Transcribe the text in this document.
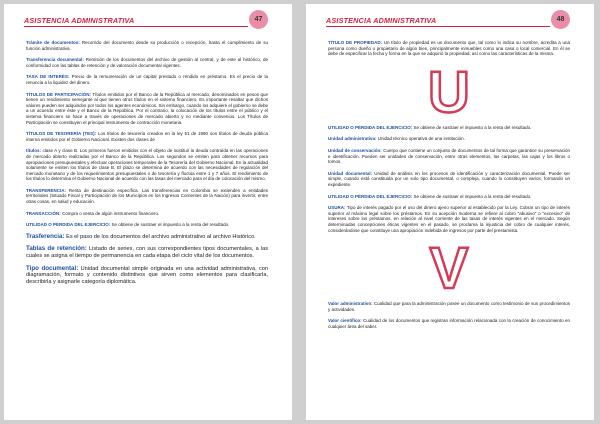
ASISTENCIA ADMINISTRATIVA	47

Trámite de documentos: Recorrido del documento desde su producción o recepción, hasta el cumplimiento de su función administrativa.

Transferencia documental: Remisión de los documentos del archivo de gestión al central, y de este al histórico, de conformidad con las tablas de retención y de valoración documental vigentes.

TASA DE INTERÉS: Precio de la remuneración de un capital prestado o rendido en préstamo. Es el precio de la renuncia a la liquidez del dinero.

TÍTULOS DE PARTICIPACIÓN: Títulos emitidos por el Banco de la República al mercado, denominados en pesos que tienen un rendimiento semejante al que tienen otros títulos en el sistema financiero. Es importante resaltar que dichos valores pueden ser adquiridos por todos los agentes económicos. Sin embargo, cuando los adquiere el gobierno se debe a un acuerdo entre éste y el Banco de la República. Por el contrario, la colocación de los títulos entre el público y el sistema financiero se hace a través de operaciones de mercado abierto y no mediante convenios. Los Títulos de Participación se constituyen el principal instrumento de contracción monetaria.

TÍTULOS DE TESORERÍA (TES): Los títulos de tesorería creados en la ley 51 de 1990 son títulos de deuda pública interna emitidos por el Gobierno Nacional. Existen dos clases de

títulos: clase A y clase B. Los primeros fueron emitidos con el objeto de sustituir la deuda contraída en las operaciones de mercado abierto realizadas por el Banco de la República. Los segundos se emiten para obtener recursos para apropiaciones presupuestales y efectuar operaciones temporales de la Tesorería del Gobierno Nacional. En la actualidad solamente se emiten los títulos de clase B. El plazo se determina de acuerdo con las necesidades de regulación del mercado monetario y de los requerimientos presupuestales o de tesorería y fluctúa entre 1 y 7 años. El rendimiento de los títulos lo determina el Gobierno Nacional de acuerdo con las tasas del mercado para el día de colocación del mismo.

TRANSFERENCIA: Renta de destinación específica. Las transferencias en Colombia se extienden a entidades territoriales (Situado Fiscal y Participación de los Municipios en los Ingresos Corrientes de la Nación) para invertir, entre otras cosas, en salud y educación.

TRANSACCIÓN: Compra o venta de algún instrumento financiero.

UTILIDAD O PÉRDIDA DEL EJERCICIO: Se obtiene de sustraer el impuesto a la renta del resultado.

Trasferencia: Es el paso de los documentos del archivo administrativo al archivo Histórico.

Tablas de retención: Listado de series, con sus correspondientes tipos documentales, a las cuales se asigna el tiempo de permanencia en cada etapa del ciclo vital de los documentos.

Tipo documental: Unidad documental simple originada en una actividad administrativa, con diagramación, formato y contenido distintivos que sirven como elementos para clasificarla, describirla y asignarle categoría diplomática.

ASISTENCIA ADMINISTRATIVA	48

TÍTULO DE PROPIEDAD: Un título de propiedad es un documento que, tal como lo indica su nombre, acredita a una persona como dueño o propietario de algún bien, principalmente inmuebles como una casa o local comercial. En él se debe de especificar la fecha y forma en la que se adquirió la propiedad, así como las características de la misma.

U

UTILIDAD O PÉRDIDA DEL EJERCICIO: Se obtiene de sustraer el impuesto a la renta del resultado.

Unidad administrativa: Unidad técnico operativa de una institución.

Unidad de conservación: Cuerpo que contiene un conjunto de documentos de tal forma que garantice su preservación e identificación. Pueden ser unidades de conservación, entre otras elementos, las carpetas, las cajas y los libros o tomos.

Unidad documental: Unidad de análisis en los procesos de identificación y caracterización documental. Puede ser simple, cuando está constituida por un solo tipo documental, o compleja, cuando lo constituyen varios, formando un expediente.

UTILIDAD O PÉRDIDA DEL EJERCICIO: Se obtiene de sustraer el impuesto a la renta del resultado.

USURA: Tipo de interés pagado por el uso del dinero ajeno superior al establecido por la Ley. Cobrar un tipo de interés superior al máximo legal sobre los préstamos. En su acepción moderna se refiere al cobro "abusivo" o "excesivo" de intereses sobre los préstamos, en relación al nivel corriente de las tasas de interés vigentes en el mercado. Según determinadas concepciones éticas vigentes en el pasado, se proclama la injusticia del cobro de cualquier interés, considerándose que constituye una apropiación indebida de ingresos por parte del prestamista.

V

Valor administrativo: Cualidad que para la administración posee un documento como testimonio de sus procedimientos y actividades.

Valor científico: Cualidad de los documentos que registran información relacionada con la creación de conocimiento en cualquier área del saber.
